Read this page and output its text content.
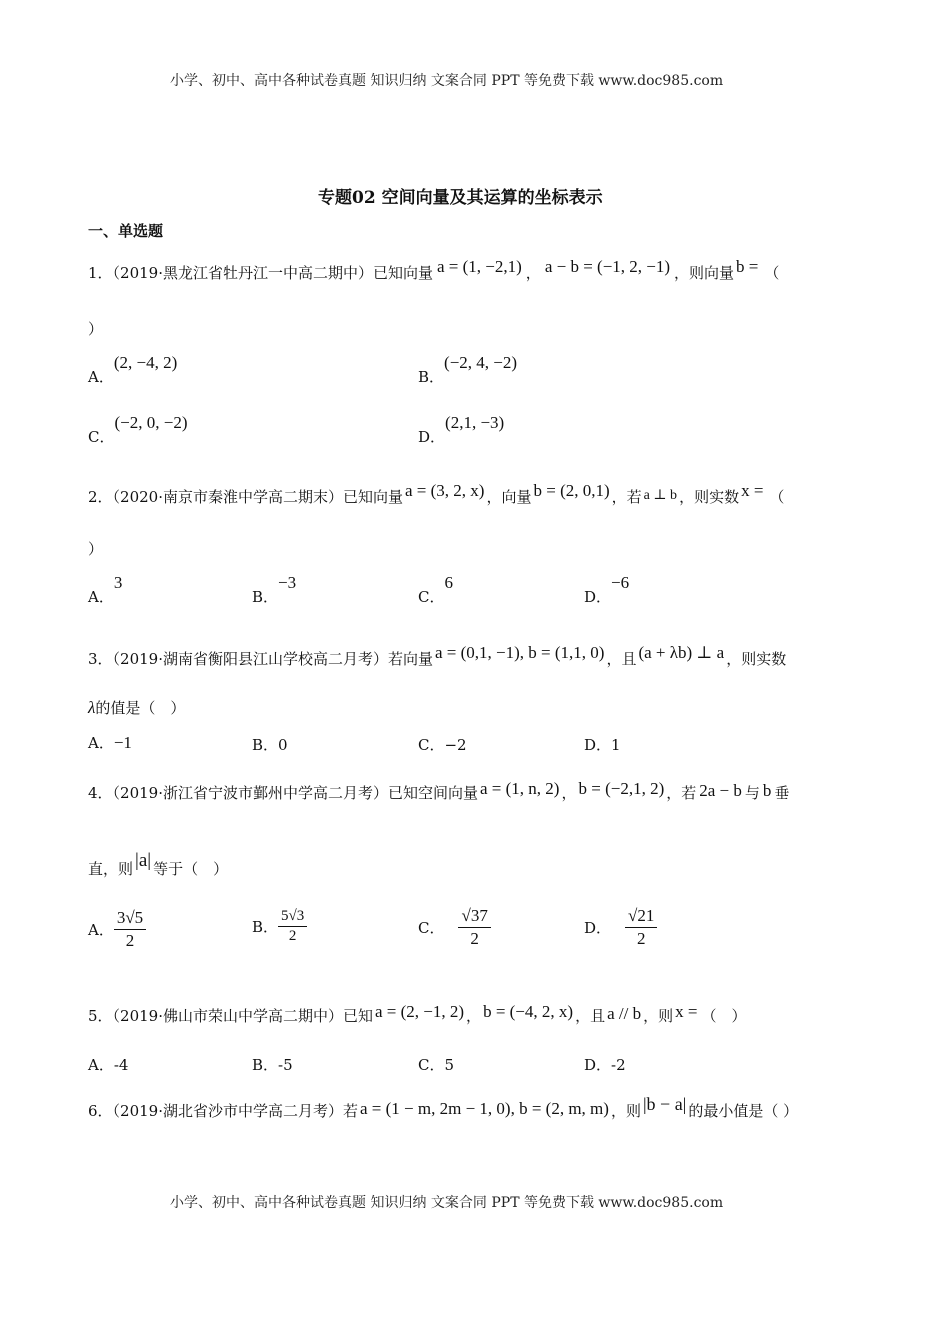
小学、初中、高中各种试卷真题 知识归纳 文案合同 PPT 等免费下载 www.doc985.com
专题02 空间向量及其运算的坐标表示
一、单选题
1．（2019·黑龙江省牡丹江一中高二期中）已知向量 a = (1, −2,1) ， a − b = (−1, 2, −1) ，则向量 b = （
）
A．(2, −4, 2)
B．(−2, 4, −2)
C．(−2, 0, −2)
D．(2,1, −3)
2．（2020·南京市秦淮中学高二期末）已知向量 a = (3, 2, x) ，向量 b = (2, 0,1) ，若 a ⊥ b ，则实数 x = （
）
A．3
B．−3
C．6
D．−6
3．（2019·湖南省衡阳县江山学校高二月考）若向量 a = (0,1, −1), b = (1,1, 0) ，且 (a + λb) ⊥ a ，则实数
λ的值是（　）
A．−1	B．0	C．−2	D．1
4．（2019·浙江省宁波市鄞州中学高二月考）已知空间向量 a = (1, n, 2) ， b = (−2,1, 2) ，若 2a − b 与 b 垂
直，则 |a| 等于（　）
A． $\frac{3√5}{2}$	B． $\frac{5√3}{2}$	C． $\frac{√37}{2}$	D． $\frac{√21}{2}$
5．（2019·佛山市荣山中学高二期中）已知 a = (2, −1, 2) ， b = (−4, 2, x) ，且 a // b ，则 x = （　）
A．-4	B．-5	C．5	D．-2
6．（2019·湖北省沙市中学高二月考）若 a = (1 − m, 2m − 1, 0), b = (2, m, m) ，则 |b − a| 的最小值是（ ）
小学、初中、高中各种试卷真题 知识归纳 文案合同 PPT 等免费下载 www.doc985.com
